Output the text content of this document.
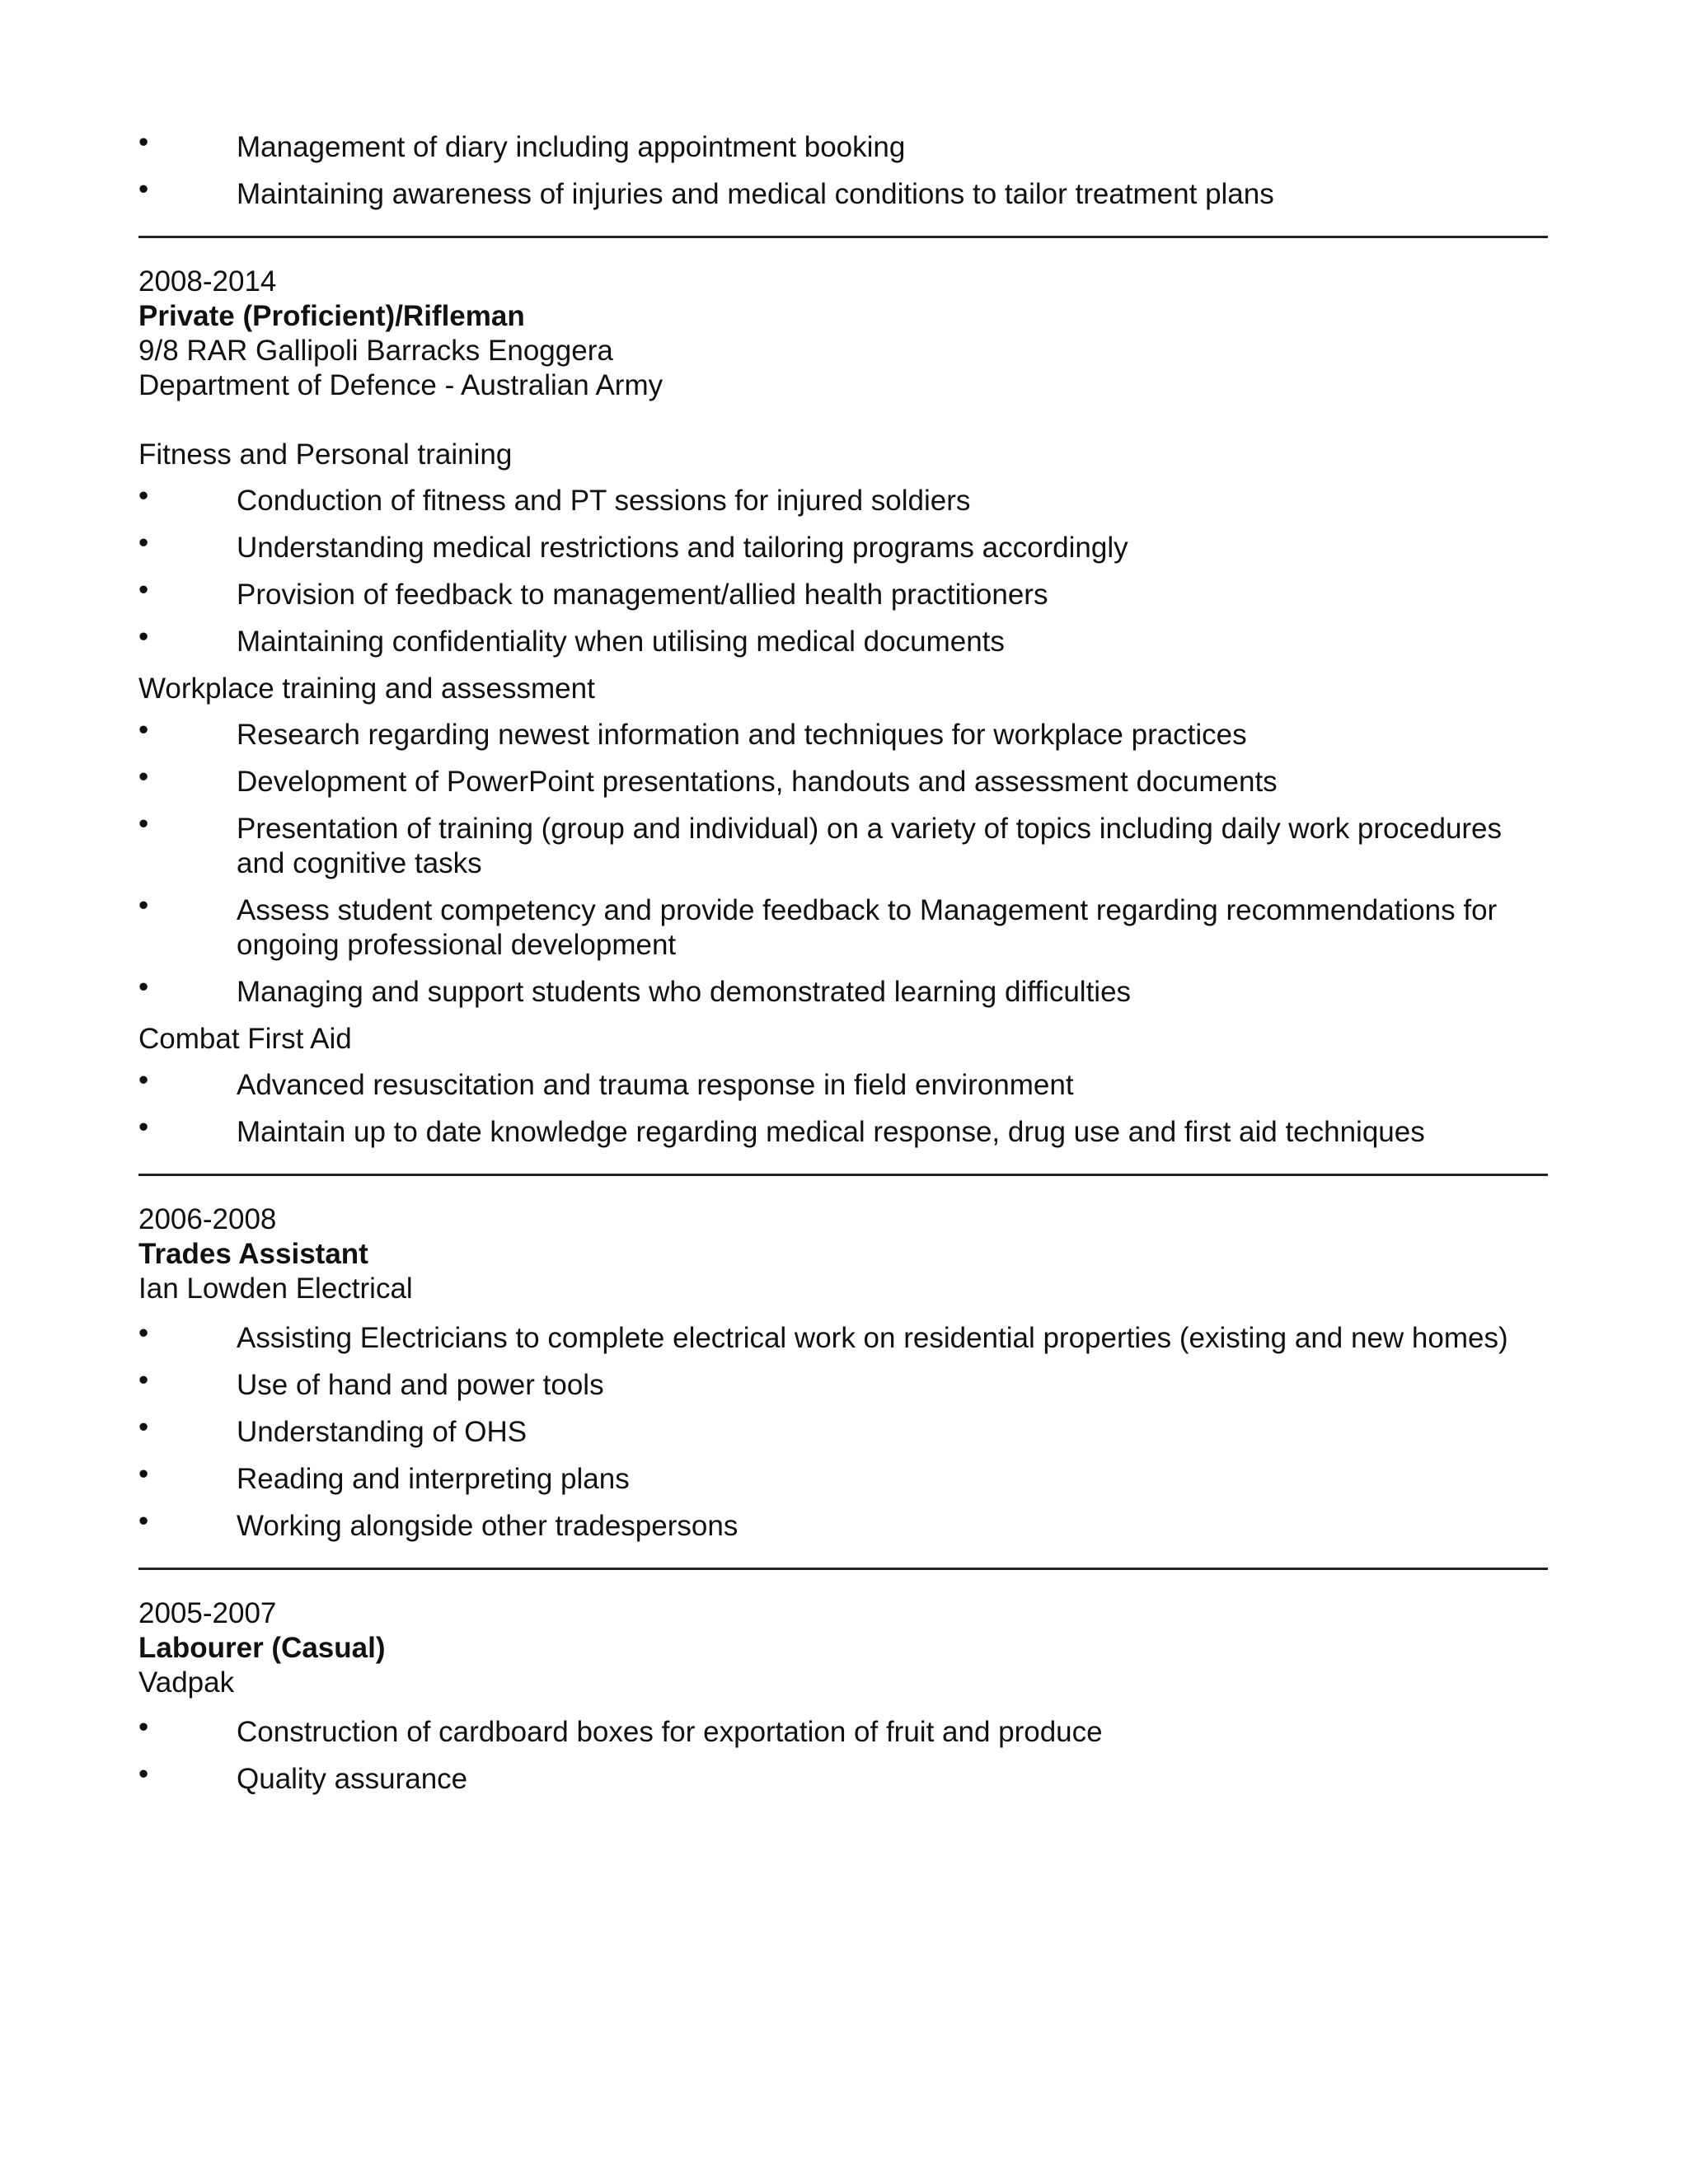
•	Management of diary including appointment booking
•	Maintaining awareness of injuries and medical conditions to tailor treatment plans
2008-2014
Private (Proficient)/Rifleman
9/8 RAR Gallipoli Barracks Enoggera
Department of Defence - Australian Army
Fitness and Personal training
•	Conduction of fitness and PT sessions for injured soldiers
•	Understanding medical restrictions and tailoring programs accordingly
•	Provision of feedback to management/allied health practitioners
•	Maintaining confidentiality when utilising medical documents
Workplace training and assessment
•	Research regarding newest information and techniques for workplace practices
•	Development of PowerPoint presentations, handouts and assessment documents
•	Presentation of training (group and individual) on a variety of topics including daily work procedures and cognitive tasks
•	Assess student competency and provide feedback to Management regarding recommendations for ongoing professional development
•	Managing and support students who demonstrated learning difficulties
Combat First Aid
•	Advanced resuscitation and trauma response in field environment
•	Maintain up to date knowledge regarding medical response, drug use and first aid techniques
2006-2008
Trades Assistant
Ian Lowden Electrical
•	Assisting Electricians to complete electrical work on residential properties (existing and new homes)
•	Use of hand and power tools
•	Understanding of OHS
•	Reading and interpreting plans
•	Working alongside other tradespersons
2005-2007
Labourer (Casual)
Vadpak
•	Construction of cardboard boxes for exportation of fruit and produce
•	Quality assurance
